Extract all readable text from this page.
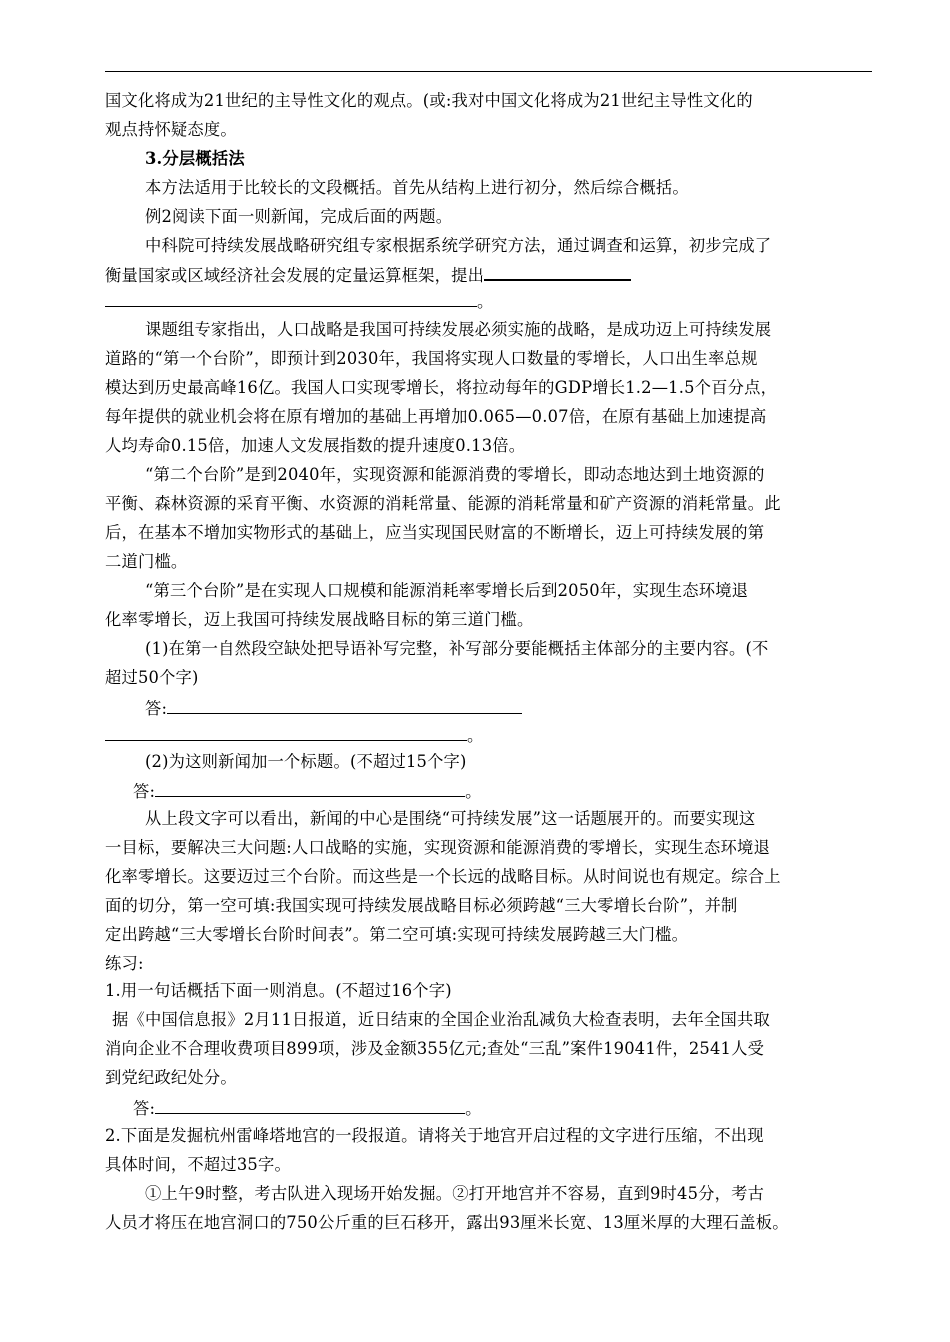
国文化将成为21世纪的主导性文化的观点。(或:我对中国文化将成为21世纪主导性文化的
观点持怀疑态度。
3.分层概括法
本方法适用于比较长的文段概括。首先从结构上进行初分，然后综合概括。
例2阅读下面一则新闻，完成后面的两题。
中科院可持续发展战略研究组专家根据系统学研究方法，通过调查和运算，初步完成了
衡量国家或区域经济社会发展的定量运算框架，提出
。
课题组专家指出，人口战略是我国可持续发展必须实施的战略，是成功迈上可持续发展
道路的“第一个台阶”，即预计到2030年，我国将实现人口数量的零增长，人口出生率总规
模达到历史最高峰16亿。我国人口实现零增长，将拉动每年的GDP增长1.2—1.5个百分点，
每年提供的就业机会将在原有增加的基础上再增加0.065—0.07倍，在原有基础上加速提高
人均寿命0.15倍，加速人文发展指数的提升速度0.13倍。
“第二个台阶”是到2040年，实现资源和能源消费的零增长，即动态地达到土地资源的
平衡、森林资源的采育平衡、水资源的消耗常量、能源的消耗常量和矿产资源的消耗常量。此
后，在基本不增加实物形式的基础上，应当实现国民财富的不断增长，迈上可持续发展的第
二道门槛。
“第三个台阶”是在实现人口规模和能源消耗率零增长后到2050年，实现生态环境退
化率零增长，迈上我国可持续发展战略目标的第三道门槛。
(1)在第一自然段空缺处把导语补写完整，补写部分要能概括主体部分的主要内容。(不
超过50个字)
答:
。
(2)为这则新闻加一个标题。(不超过15个字)
答:	。
从上段文字可以看出，新闻的中心是围绕“可持续发展”这一话题展开的。而要实现这
一目标，要解决三大问题:人口战略的实施，实现资源和能源消费的零增长，实现生态环境退
化率零增长。这要迈过三个台阶。而这些是一个长远的战略目标。从时间说也有规定。综合上
面的切分，第一空可填:我国实现可持续发展战略目标必须跨越“三大零增长台阶”，并制
定出跨越“三大零增长台阶时间表”。第二空可填:实现可持续发展跨越三大门槛。
练习:
1.用一句话概括下面一则消息。(不超过16个字)
据《中国信息报》2月11日报道，近日结束的全国企业治乱减负大检查表明，去年全国共取
消向企业不合理收费项目899项，涉及金额355亿元;查处“三乱”案件19041件，2541人受
到党纪政纪处分。
答:	。
2.下面是发掘杭州雷峰塔地宫的一段报道。请将关于地宫开启过程的文字进行压缩，不出现
具体时间，不超过35字。
①上午9时整，考古队进入现场开始发掘。②打开地宫并不容易，直到9时45分，考古
人员才将压在地宫洞口的750公斤重的巨石移开，露出93厘米长宽、13厘米厚的大理石盖板。
